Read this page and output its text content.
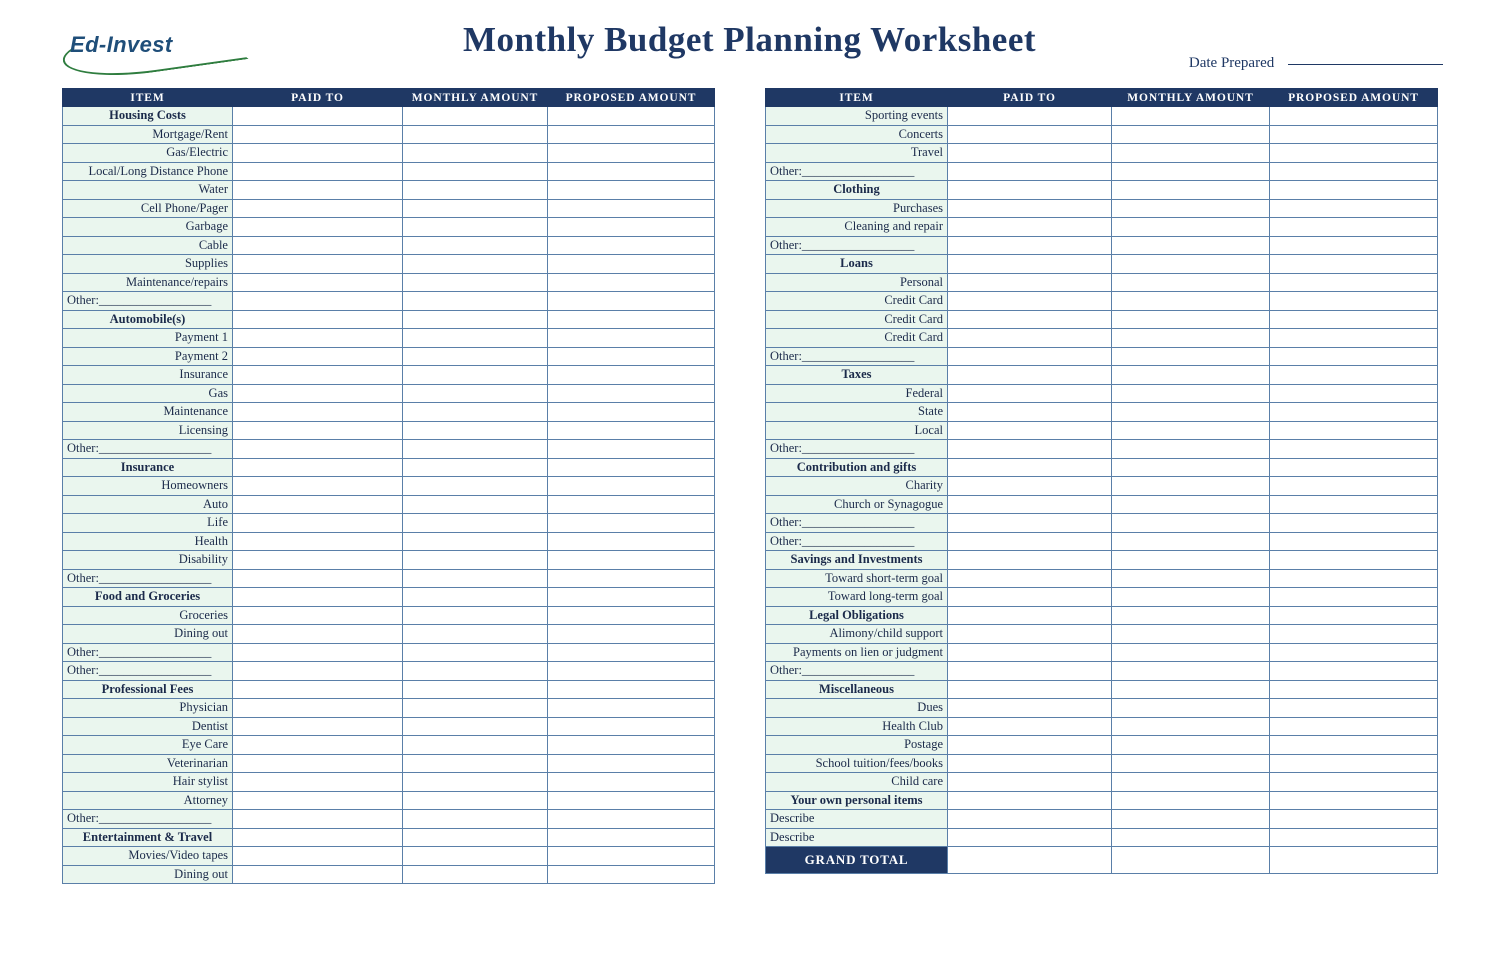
Ed-Invest	Monthly Budget Planning Worksheet
Date Prepared
ITEM	PAID TO	MONTHLY AMOUNT	PROPOSED AMOUNT
Housing Costs			
Mortgage/Rent			
Gas/Electric			
Local/Long Distance Phone			
Water			
Cell Phone/Pager			
Garbage			
Cable			
Supplies			
Maintenance/repairs			
Other:__________________			
Automobile(s)			
Payment 1			
Payment 2			
Insurance			
Gas			
Maintenance			
Licensing			
Other:__________________			
Insurance			
Homeowners			
Auto			
Life			
Health			
Disability			
Other:__________________			
Food and Groceries			
Groceries			
Dining out			
Other:__________________			
Other:__________________			
Professional Fees			
Physician			
Dentist			
Eye Care			
Veterinarian			
Hair stylist			
Attorney			
Other:__________________			
Entertainment & Travel			
Movies/Video tapes			
Dining out			
ITEM	PAID TO	MONTHLY AMOUNT	PROPOSED AMOUNT
Sporting events			
Concerts			
Travel			
Other:__________________			
Clothing			
Purchases			
Cleaning and repair			
Other:__________________			
Loans			
Personal			
Credit Card			
Credit Card			
Credit Card			
Other:__________________			
Taxes			
Federal			
State			
Local			
Other:__________________			
Contribution and gifts			
Charity			
Church or Synagogue			
Other:__________________			
Other:__________________			
Savings and Investments			
Toward short-term goal			
Toward long-term goal			
Legal Obligations			
Alimony/child support			
Payments on lien or judgment			
Other:__________________			
Miscellaneous			
Dues			
Health Club			
Postage			
School tuition/fees/books			
Child care			
Your own personal items			
Describe			
Describe			
GRAND TOTAL			
